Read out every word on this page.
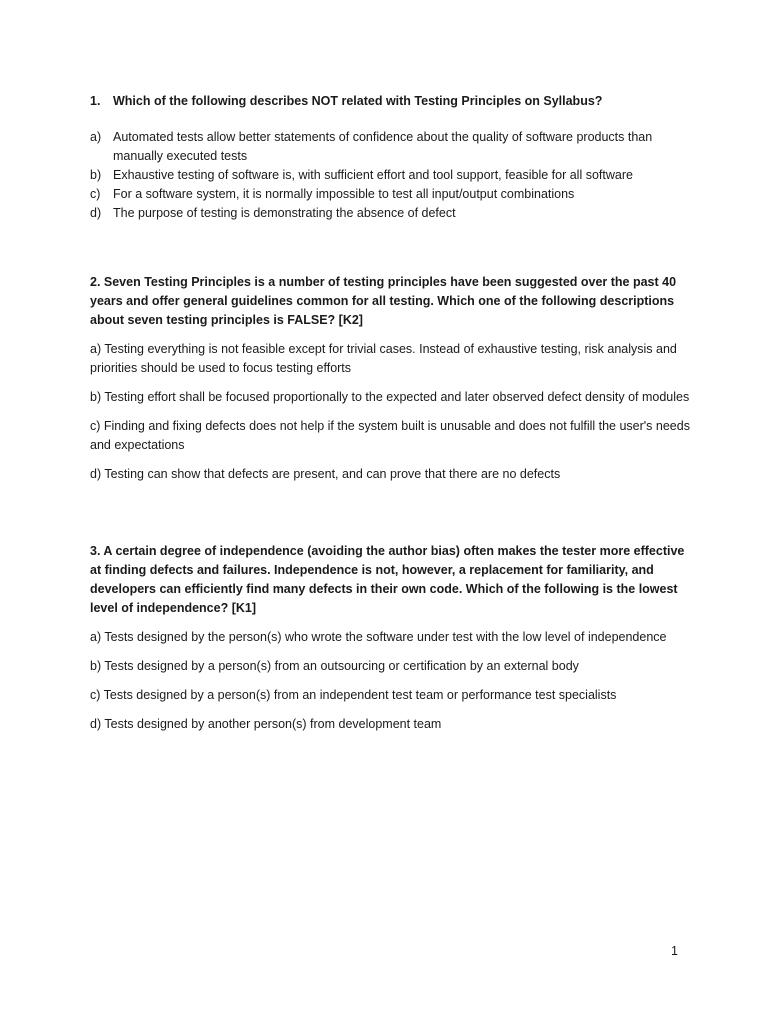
1.	Which of the following describes NOT related with Testing Principles on Syllabus?
a) Automated tests allow better statements of confidence about the quality of software products than manually executed tests
b) Exhaustive testing of software is, with sufficient effort and tool support, feasible for all software
c)	For a software system, it is normally impossible to test all input/output combinations
d) The purpose of testing is demonstrating the absence of defect
2. Seven Testing Principles is a number of testing principles have been suggested over the past 40 years and offer general guidelines common for all testing. Which one of the following descriptions about seven testing principles is FALSE? [K2]
a) Testing everything is not feasible except for trivial cases. Instead of exhaustive testing, risk analysis and priorities should be used to focus testing efforts
b) Testing effort shall be focused proportionally to the expected and later observed defect density of modules
c) Finding and fixing defects does not help if the system built is unusable and does not fulfill the user's needs and expectations
d) Testing can show that defects are present, and can prove that there are no defects
3. A certain degree of independence (avoiding the author bias) often makes the tester more effective at finding defects and failures. Independence is not, however, a replacement for familiarity, and developers can efficiently find many defects in their own code. Which of the following is the lowest level of independence? [K1]
a) Tests designed by the person(s) who wrote the software under test with the low level of independence
b) Tests designed by a person(s) from an outsourcing or certification by an external body
c) Tests designed by a person(s) from an independent test team or performance test specialists
d) Tests designed by another person(s) from development team
1
